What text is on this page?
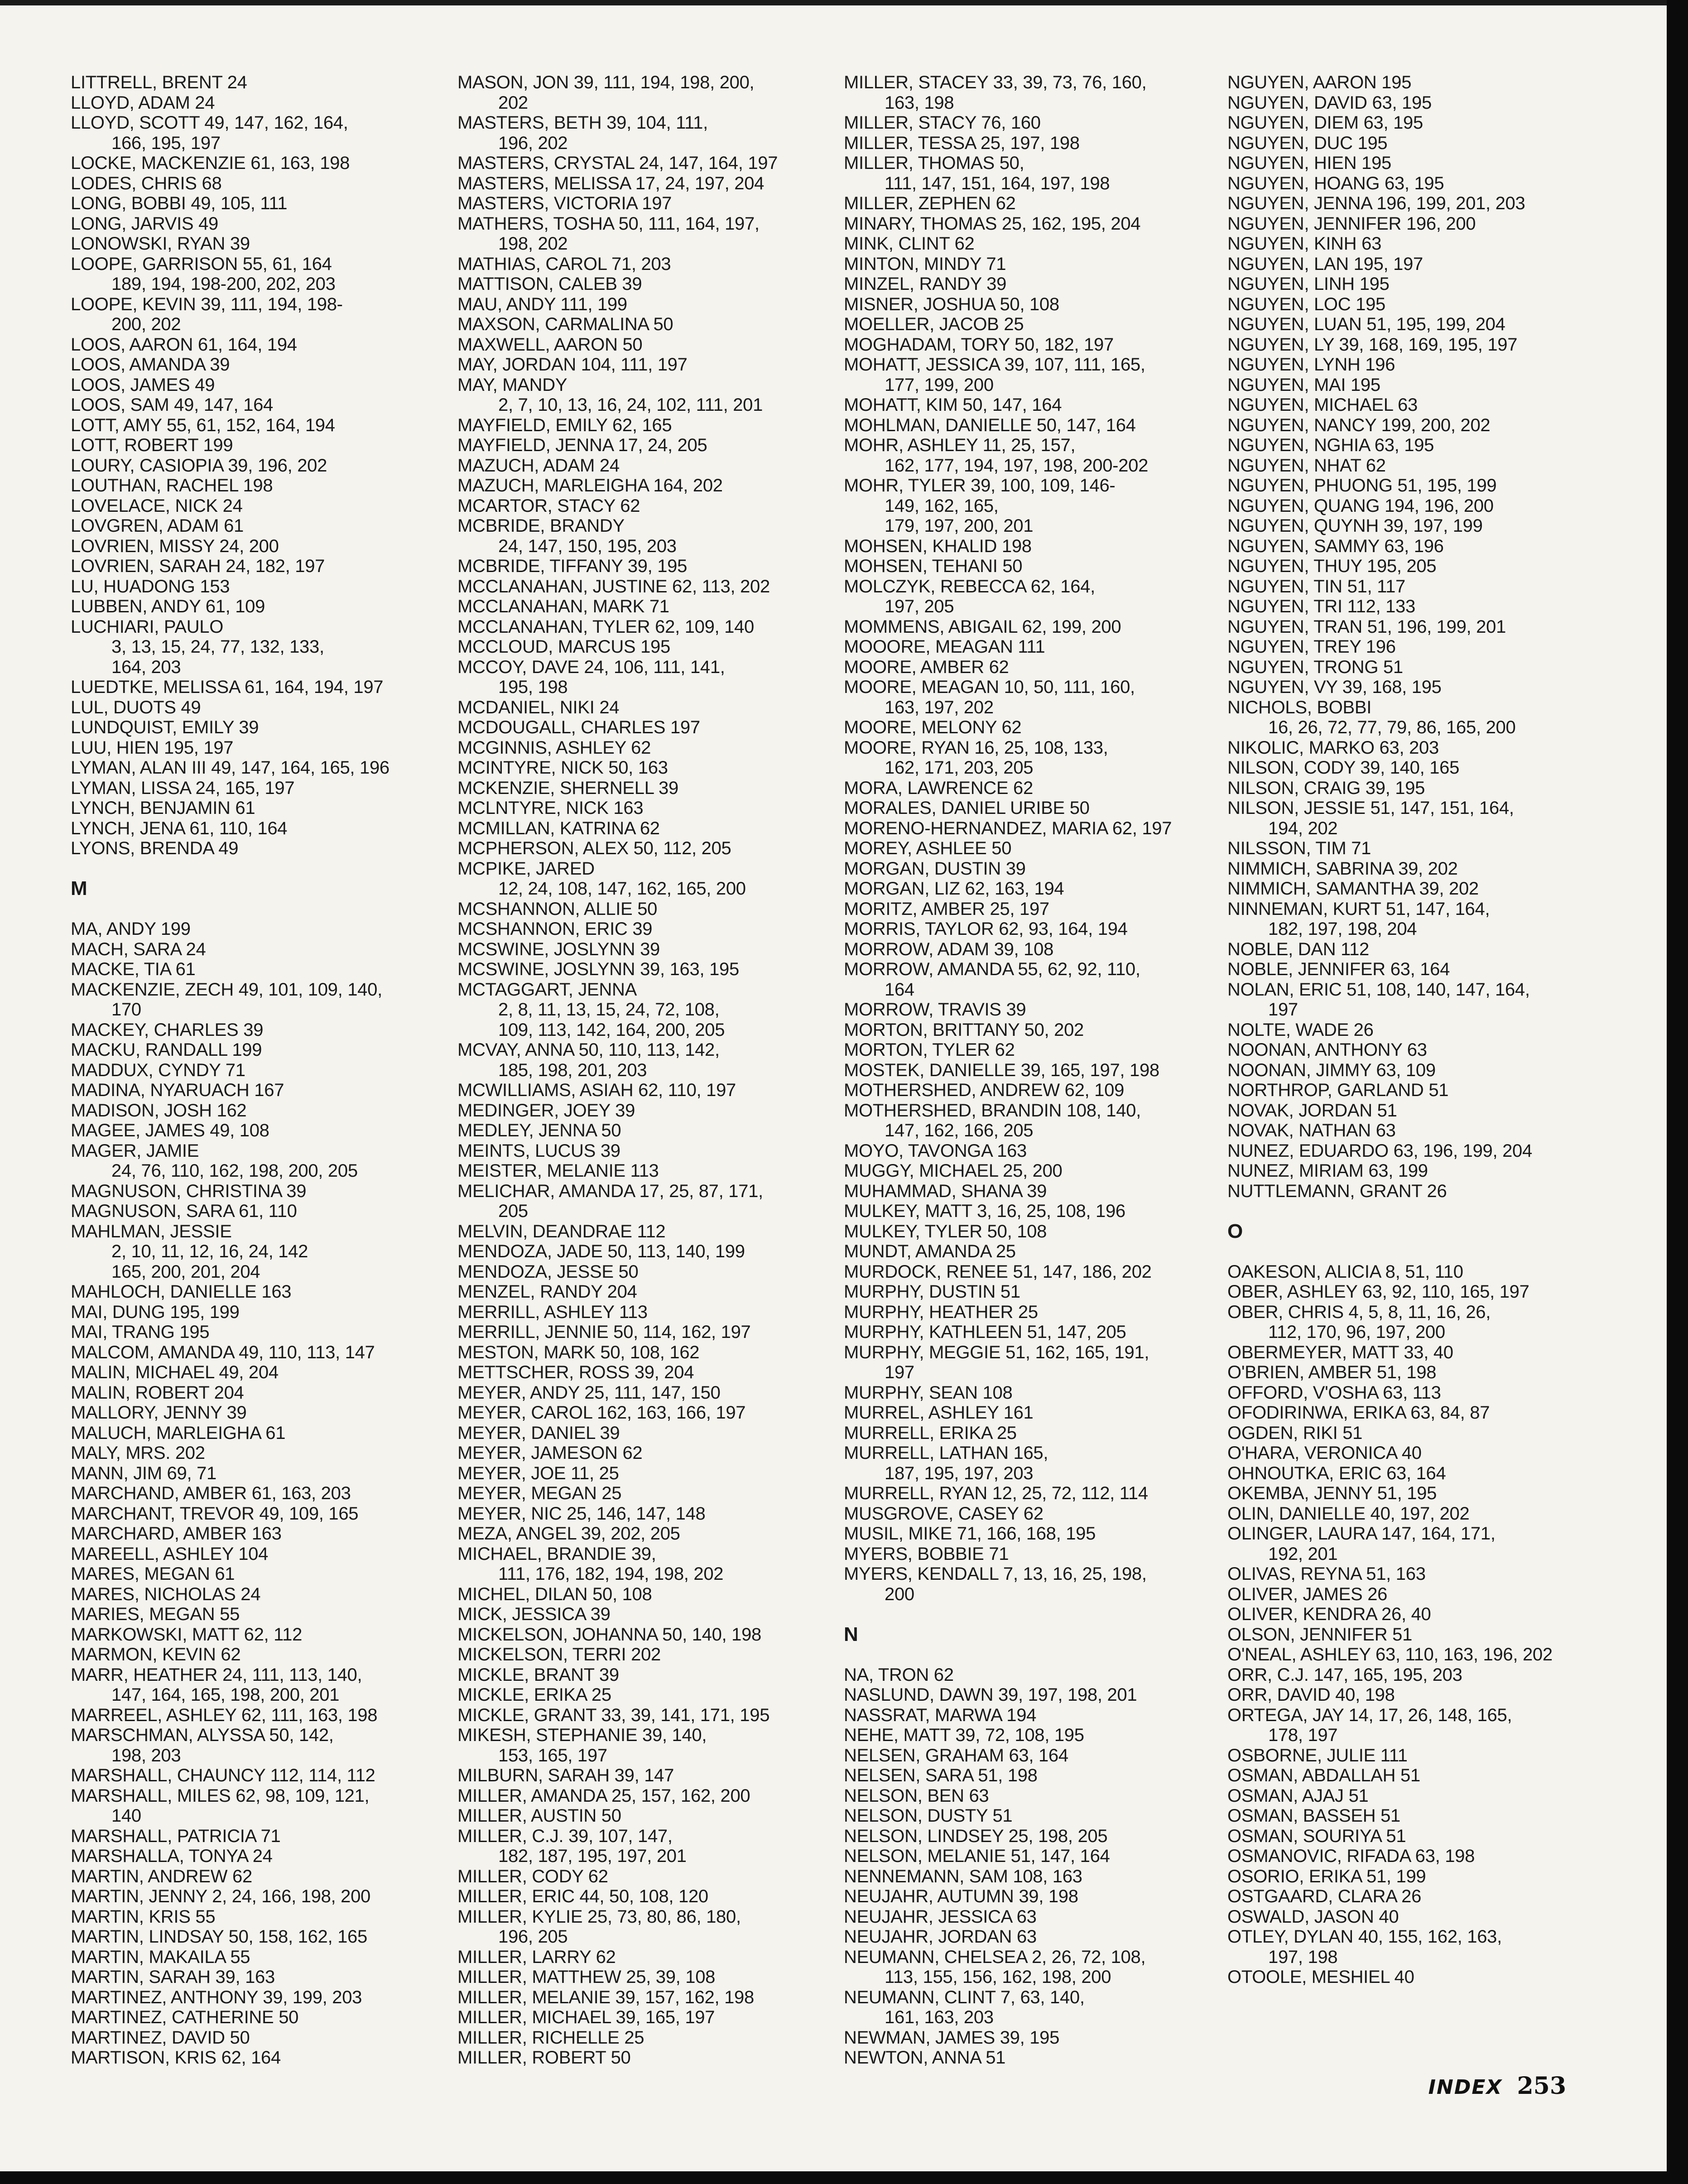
LITTRELL, BRENT 24
LLOYD, ADAM 24
LLOYD, SCOTT 49, 147, 162, 164,
166, 195, 197
LOCKE, MACKENZIE 61, 163, 198
LODES, CHRIS 68
LONG, BOBBI 49, 105, 111
LONG, JARVIS 49
LONOWSKI, RYAN 39
LOOPE, GARRISON 55, 61, 164
189, 194, 198-200, 202, 203
LOOPE, KEVIN 39, 111, 194, 198-
200, 202
LOOS, AARON 61, 164, 194
LOOS, AMANDA 39
LOOS, JAMES 49
LOOS, SAM 49, 147, 164
LOTT, AMY 55, 61, 152, 164, 194
LOTT, ROBERT 199
LOURY, CASIOPIA 39, 196, 202
LOUTHAN, RACHEL 198
LOVELACE, NICK 24
LOVGREN, ADAM 61
LOVRIEN, MISSY 24, 200
LOVRIEN, SARAH 24, 182, 197
LU, HUADONG 153
LUBBEN, ANDY 61, 109
LUCHIARI, PAULO
3, 13, 15, 24, 77, 132, 133,
164, 203
LUEDTKE, MELISSA 61, 164, 194, 197
LUL, DUOTS 49
LUNDQUIST, EMILY 39
LUU, HIEN 195, 197
LYMAN, ALAN III 49, 147, 164, 165, 196
LYMAN, LISSA 24, 165, 197
LYNCH, BENJAMIN 61
LYNCH, JENA 61, 110, 164
LYONS, BRENDA 49
M
MA, ANDY 199
MACH, SARA 24
MACKE, TIA 61
MACKENZIE, ZECH 49, 101, 109, 140,
170
MACKEY, CHARLES 39
MACKU, RANDALL 199
MADDUX, CYNDY 71
MADINA, NYARUACH 167
MADISON, JOSH 162
MAGEE, JAMES 49, 108
MAGER, JAMIE
24, 76, 110, 162, 198, 200, 205
MAGNUSON, CHRISTINA 39
MAGNUSON, SARA 61, 110
MAHLMAN, JESSIE
2, 10, 11, 12, 16, 24, 142
165, 200, 201, 204
MAHLOCH, DANIELLE 163
MAI, DUNG 195, 199
MAI, TRANG 195
MALCOM, AMANDA 49, 110, 113, 147
MALIN, MICHAEL 49, 204
MALIN, ROBERT 204
MALLORY, JENNY 39
MALUCH, MARLEIGHA 61
MALY, MRS. 202
MANN, JIM 69, 71
MARCHAND, AMBER 61, 163, 203
MARCHANT, TREVOR 49, 109, 165
MARCHARD, AMBER 163
MAREELL, ASHLEY 104
MARES, MEGAN 61
MARES, NICHOLAS 24
MARIES, MEGAN 55
MARKOWSKI, MATT 62, 112
MARMON, KEVIN 62
MARR, HEATHER 24, 111, 113, 140,
147, 164, 165, 198, 200, 201
MARREEL, ASHLEY 62, 111, 163, 198
MARSCHMAN, ALYSSA 50, 142,
198, 203
MARSHALL, CHAUNCY 112, 114, 112
MARSHALL, MILES 62, 98, 109, 121,
140
MARSHALL, PATRICIA 71
MARSHALLA, TONYA 24
MARTIN, ANDREW 62
MARTIN, JENNY 2, 24, 166, 198, 200
MARTIN, KRIS 55
MARTIN, LINDSAY 50, 158, 162, 165
MARTIN, MAKAILA 55
MARTIN, SARAH 39, 163
MARTINEZ, ANTHONY 39, 199, 203
MARTINEZ, CATHERINE 50
MARTINEZ, DAVID 50
MARTISON, KRIS 62, 164
MASON, JON 39, 111, 194, 198, 200,
202
MASTERS, BETH 39, 104, 111,
196, 202
MASTERS, CRYSTAL 24, 147, 164, 197
MASTERS, MELISSA 17, 24, 197, 204
MASTERS, VICTORIA 197
MATHERS, TOSHA 50, 111, 164, 197,
198, 202
MATHIAS, CAROL 71, 203
MATTISON, CALEB 39
MAU, ANDY 111, 199
MAXSON, CARMALINA 50
MAXWELL, AARON 50
MAY, JORDAN 104, 111, 197
MAY, MANDY
2, 7, 10, 13, 16, 24, 102, 111, 201
MAYFIELD, EMILY 62, 165
MAYFIELD, JENNA 17, 24, 205
MAZUCH, ADAM 24
MAZUCH, MARLEIGHA 164, 202
MCARTOR, STACY 62
MCBRIDE, BRANDY
24, 147, 150, 195, 203
MCBRIDE, TIFFANY 39, 195
MCCLANAHAN, JUSTINE 62, 113, 202
MCCLANAHAN, MARK 71
MCCLANAHAN, TYLER 62, 109, 140
MCCLOUD, MARCUS 195
MCCOY, DAVE 24, 106, 111, 141,
195, 198
MCDANIEL, NIKI 24
MCDOUGALL, CHARLES 197
MCGINNIS, ASHLEY 62
MCINTYRE, NICK 50, 163
MCKENZIE, SHERNELL 39
MCLNTYRE, NICK 163
MCMILLAN, KATRINA 62
MCPHERSON, ALEX 50, 112, 205
MCPIKE, JARED
12, 24, 108, 147, 162, 165, 200
MCSHANNON, ALLIE 50
MCSHANNON, ERIC 39
MCSWINE, JOSLYNN 39
MCSWINE, JOSLYNN 39, 163, 195
MCTAGGART, JENNA
2, 8, 11, 13, 15, 24, 72, 108,
109, 113, 142, 164, 200, 205
MCVAY, ANNA 50, 110, 113, 142,
185, 198, 201, 203
MCWILLIAMS, ASIAH 62, 110, 197
MEDINGER, JOEY 39
MEDLEY, JENNA 50
MEINTS, LUCUS 39
MEISTER, MELANIE 113
MELICHAR, AMANDA 17, 25, 87, 171,
205
MELVIN, DEANDRAE 112
MENDOZA, JADE 50, 113, 140, 199
MENDOZA, JESSE 50
MENZEL, RANDY 204
MERRILL, ASHLEY 113
MERRILL, JENNIE 50, 114, 162, 197
MESTON, MARK 50, 108, 162
METTSCHER, ROSS 39, 204
MEYER, ANDY 25, 111, 147, 150
MEYER, CAROL 162, 163, 166, 197
MEYER, DANIEL 39
MEYER, JAMESON 62
MEYER, JOE 11, 25
MEYER, MEGAN 25
MEYER, NIC 25, 146, 147, 148
MEZA, ANGEL 39, 202, 205
MICHAEL, BRANDIE 39,
111, 176, 182, 194, 198, 202
MICHEL, DILAN 50, 108
MICK, JESSICA 39
MICKELSON, JOHANNA 50, 140, 198
MICKELSON, TERRI 202
MICKLE, BRANT 39
MICKLE, ERIKA 25
MICKLE, GRANT 33, 39, 141, 171, 195
MIKESH, STEPHANIE 39, 140,
153, 165, 197
MILBURN, SARAH 39, 147
MILLER, AMANDA 25, 157, 162, 200
MILLER, AUSTIN 50
MILLER, C.J. 39, 107, 147,
182, 187, 195, 197, 201
MILLER, CODY 62
MILLER, ERIC 44, 50, 108, 120
MILLER, KYLIE 25, 73, 80, 86, 180,
196, 205
MILLER, LARRY 62
MILLER, MATTHEW 25, 39, 108
MILLER, MELANIE 39, 157, 162, 198
MILLER, MICHAEL 39, 165, 197
MILLER, RICHELLE 25
MILLER, ROBERT 50
MILLER, STACEY 33, 39, 73, 76, 160,
163, 198
MILLER, STACY 76, 160
MILLER, TESSA 25, 197, 198
MILLER, THOMAS 50,
111, 147, 151, 164, 197, 198
MILLER, ZEPHEN 62
MINARY, THOMAS 25, 162, 195, 204
MINK, CLINT 62
MINTON, MINDY 71
MINZEL, RANDY 39
MISNER, JOSHUA 50, 108
MOELLER, JACOB 25
MOGHADAM, TORY 50, 182, 197
MOHATT, JESSICA 39, 107, 111, 165,
177, 199, 200
MOHATT, KIM 50, 147, 164
MOHLMAN, DANIELLE 50, 147, 164
MOHR, ASHLEY 11, 25, 157,
162, 177, 194, 197, 198, 200-202
MOHR, TYLER 39, 100, 109, 146-
149, 162, 165,
179, 197, 200, 201
MOHSEN, KHALID 198
MOHSEN, TEHANI 50
MOLCZYK, REBECCA 62, 164,
197, 205
MOMMENS, ABIGAIL 62, 199, 200
MOOORE, MEAGAN 111
MOORE, AMBER 62
MOORE, MEAGAN 10, 50, 111, 160,
163, 197, 202
MOORE, MELONY 62
MOORE, RYAN 16, 25, 108, 133,
162, 171, 203, 205
MORA, LAWRENCE 62
MORALES, DANIEL URIBE 50
MORENO-HERNANDEZ, MARIA 62, 197
MOREY, ASHLEE 50
MORGAN, DUSTIN 39
MORGAN, LIZ 62, 163, 194
MORITZ, AMBER 25, 197
MORRIS, TAYLOR 62, 93, 164, 194
MORROW, ADAM 39, 108
MORROW, AMANDA 55, 62, 92, 110,
164
MORROW, TRAVIS 39
MORTON, BRITTANY 50, 202
MORTON, TYLER 62
MOSTEK, DANIELLE 39, 165, 197, 198
MOTHERSHED, ANDREW 62, 109
MOTHERSHED, BRANDIN 108, 140,
147, 162, 166, 205
MOYO, TAVONGA 163
MUGGY, MICHAEL 25, 200
MUHAMMAD, SHANA 39
MULKEY, MATT 3, 16, 25, 108, 196
MULKEY, TYLER 50, 108
MUNDT, AMANDA 25
MURDOCK, RENEE 51, 147, 186, 202
MURPHY, DUSTIN 51
MURPHY, HEATHER 25
MURPHY, KATHLEEN 51, 147, 205
MURPHY, MEGGIE 51, 162, 165, 191,
197
MURPHY, SEAN 108
MURREL, ASHLEY 161
MURRELL, ERIKA 25
MURRELL, LATHAN 165,
187, 195, 197, 203
MURRELL, RYAN 12, 25, 72, 112, 114
MUSGROVE, CASEY 62
MUSIL, MIKE 71, 166, 168, 195
MYERS, BOBBIE 71
MYERS, KENDALL 7, 13, 16, 25, 198,
200
N
NA, TRON 62
NASLUND, DAWN 39, 197, 198, 201
NASSRAT, MARWA 194
NEHE, MATT 39, 72, 108, 195
NELSEN, GRAHAM 63, 164
NELSEN, SARA 51, 198
NELSON, BEN 63
NELSON, DUSTY 51
NELSON, LINDSEY 25, 198, 205
NELSON, MELANIE 51, 147, 164
NENNEMANN, SAM 108, 163
NEUJAHR, AUTUMN 39, 198
NEUJAHR, JESSICA 63
NEUJAHR, JORDAN 63
NEUMANN, CHELSEA 2, 26, 72, 108,
113, 155, 156, 162, 198, 200
NEUMANN, CLINT 7, 63, 140,
161, 163, 203
NEWMAN, JAMES 39, 195
NEWTON, ANNA 51
NGUYEN, AARON 195
NGUYEN, DAVID 63, 195
NGUYEN, DIEM 63, 195
NGUYEN, DUC 195
NGUYEN, HIEN 195
NGUYEN, HOANG 63, 195
NGUYEN, JENNA 196, 199, 201, 203
NGUYEN, JENNIFER 196, 200
NGUYEN, KINH 63
NGUYEN, LAN 195, 197
NGUYEN, LINH 195
NGUYEN, LOC 195
NGUYEN, LUAN 51, 195, 199, 204
NGUYEN, LY 39, 168, 169, 195, 197
NGUYEN, LYNH 196
NGUYEN, MAI 195
NGUYEN, MICHAEL 63
NGUYEN, NANCY 199, 200, 202
NGUYEN, NGHIA 63, 195
NGUYEN, NHAT 62
NGUYEN, PHUONG 51, 195, 199
NGUYEN, QUANG 194, 196, 200
NGUYEN, QUYNH 39, 197, 199
NGUYEN, SAMMY 63, 196
NGUYEN, THUY 195, 205
NGUYEN, TIN 51, 117
NGUYEN, TRI 112, 133
NGUYEN, TRAN 51, 196, 199, 201
NGUYEN, TREY 196
NGUYEN, TRONG 51
NGUYEN, VY 39, 168, 195
NICHOLS, BOBBI
16, 26, 72, 77, 79, 86, 165, 200
NIKOLIC, MARKO 63, 203
NILSON, CODY 39, 140, 165
NILSON, CRAIG 39, 195
NILSON, JESSIE 51, 147, 151, 164,
194, 202
NILSSON, TIM 71
NIMMICH, SABRINA 39, 202
NIMMICH, SAMANTHA 39, 202
NINNEMAN, KURT 51, 147, 164,
182, 197, 198, 204
NOBLE, DAN 112
NOBLE, JENNIFER 63, 164
NOLAN, ERIC 51, 108, 140, 147, 164,
197
NOLTE, WADE 26
NOONAN, ANTHONY 63
NOONAN, JIMMY 63, 109
NORTHROP, GARLAND 51
NOVAK, JORDAN 51
NOVAK, NATHAN 63
NUNEZ, EDUARDO 63, 196, 199, 204
NUNEZ, MIRIAM 63, 199
NUTTLEMANN, GRANT 26
O
OAKESON, ALICIA 8, 51, 110
OBER, ASHLEY 63, 92, 110, 165, 197
OBER, CHRIS 4, 5, 8, 11, 16, 26,
112, 170, 96, 197, 200
OBERMEYER, MATT 33, 40
O'BRIEN, AMBER 51, 198
OFFORD, V'OSHA 63, 113
OFODIRINWA, ERIKA 63, 84, 87
OGDEN, RIKI 51
O'HARA, VERONICA 40
OHNOUTKA, ERIC 63, 164
OKEMBA, JENNY 51, 195
OLIN, DANIELLE 40, 197, 202
OLINGER, LAURA 147, 164, 171,
192, 201
OLIVAS, REYNA 51, 163
OLIVER, JAMES 26
OLIVER, KENDRA 26, 40
OLSON, JENNIFER 51
O'NEAL, ASHLEY 63, 110, 163, 196, 202
ORR, C.J. 147, 165, 195, 203
ORR, DAVID 40, 198
ORTEGA, JAY 14, 17, 26, 148, 165,
178, 197
OSBORNE, JULIE 111
OSMAN, ABDALLAH 51
OSMAN, AJAJ 51
OSMAN, BASSEH 51
OSMAN, SOURIYA 51
OSMANOVIC, RIFADA 63, 198
OSORIO, ERIKA 51, 199
OSTGAARD, CLARA 26
OSWALD, JASON 40
OTLEY, DYLAN 40, 155, 162, 163,
197, 198
OTOOLE, MESHIEL 40
INDEX 253
